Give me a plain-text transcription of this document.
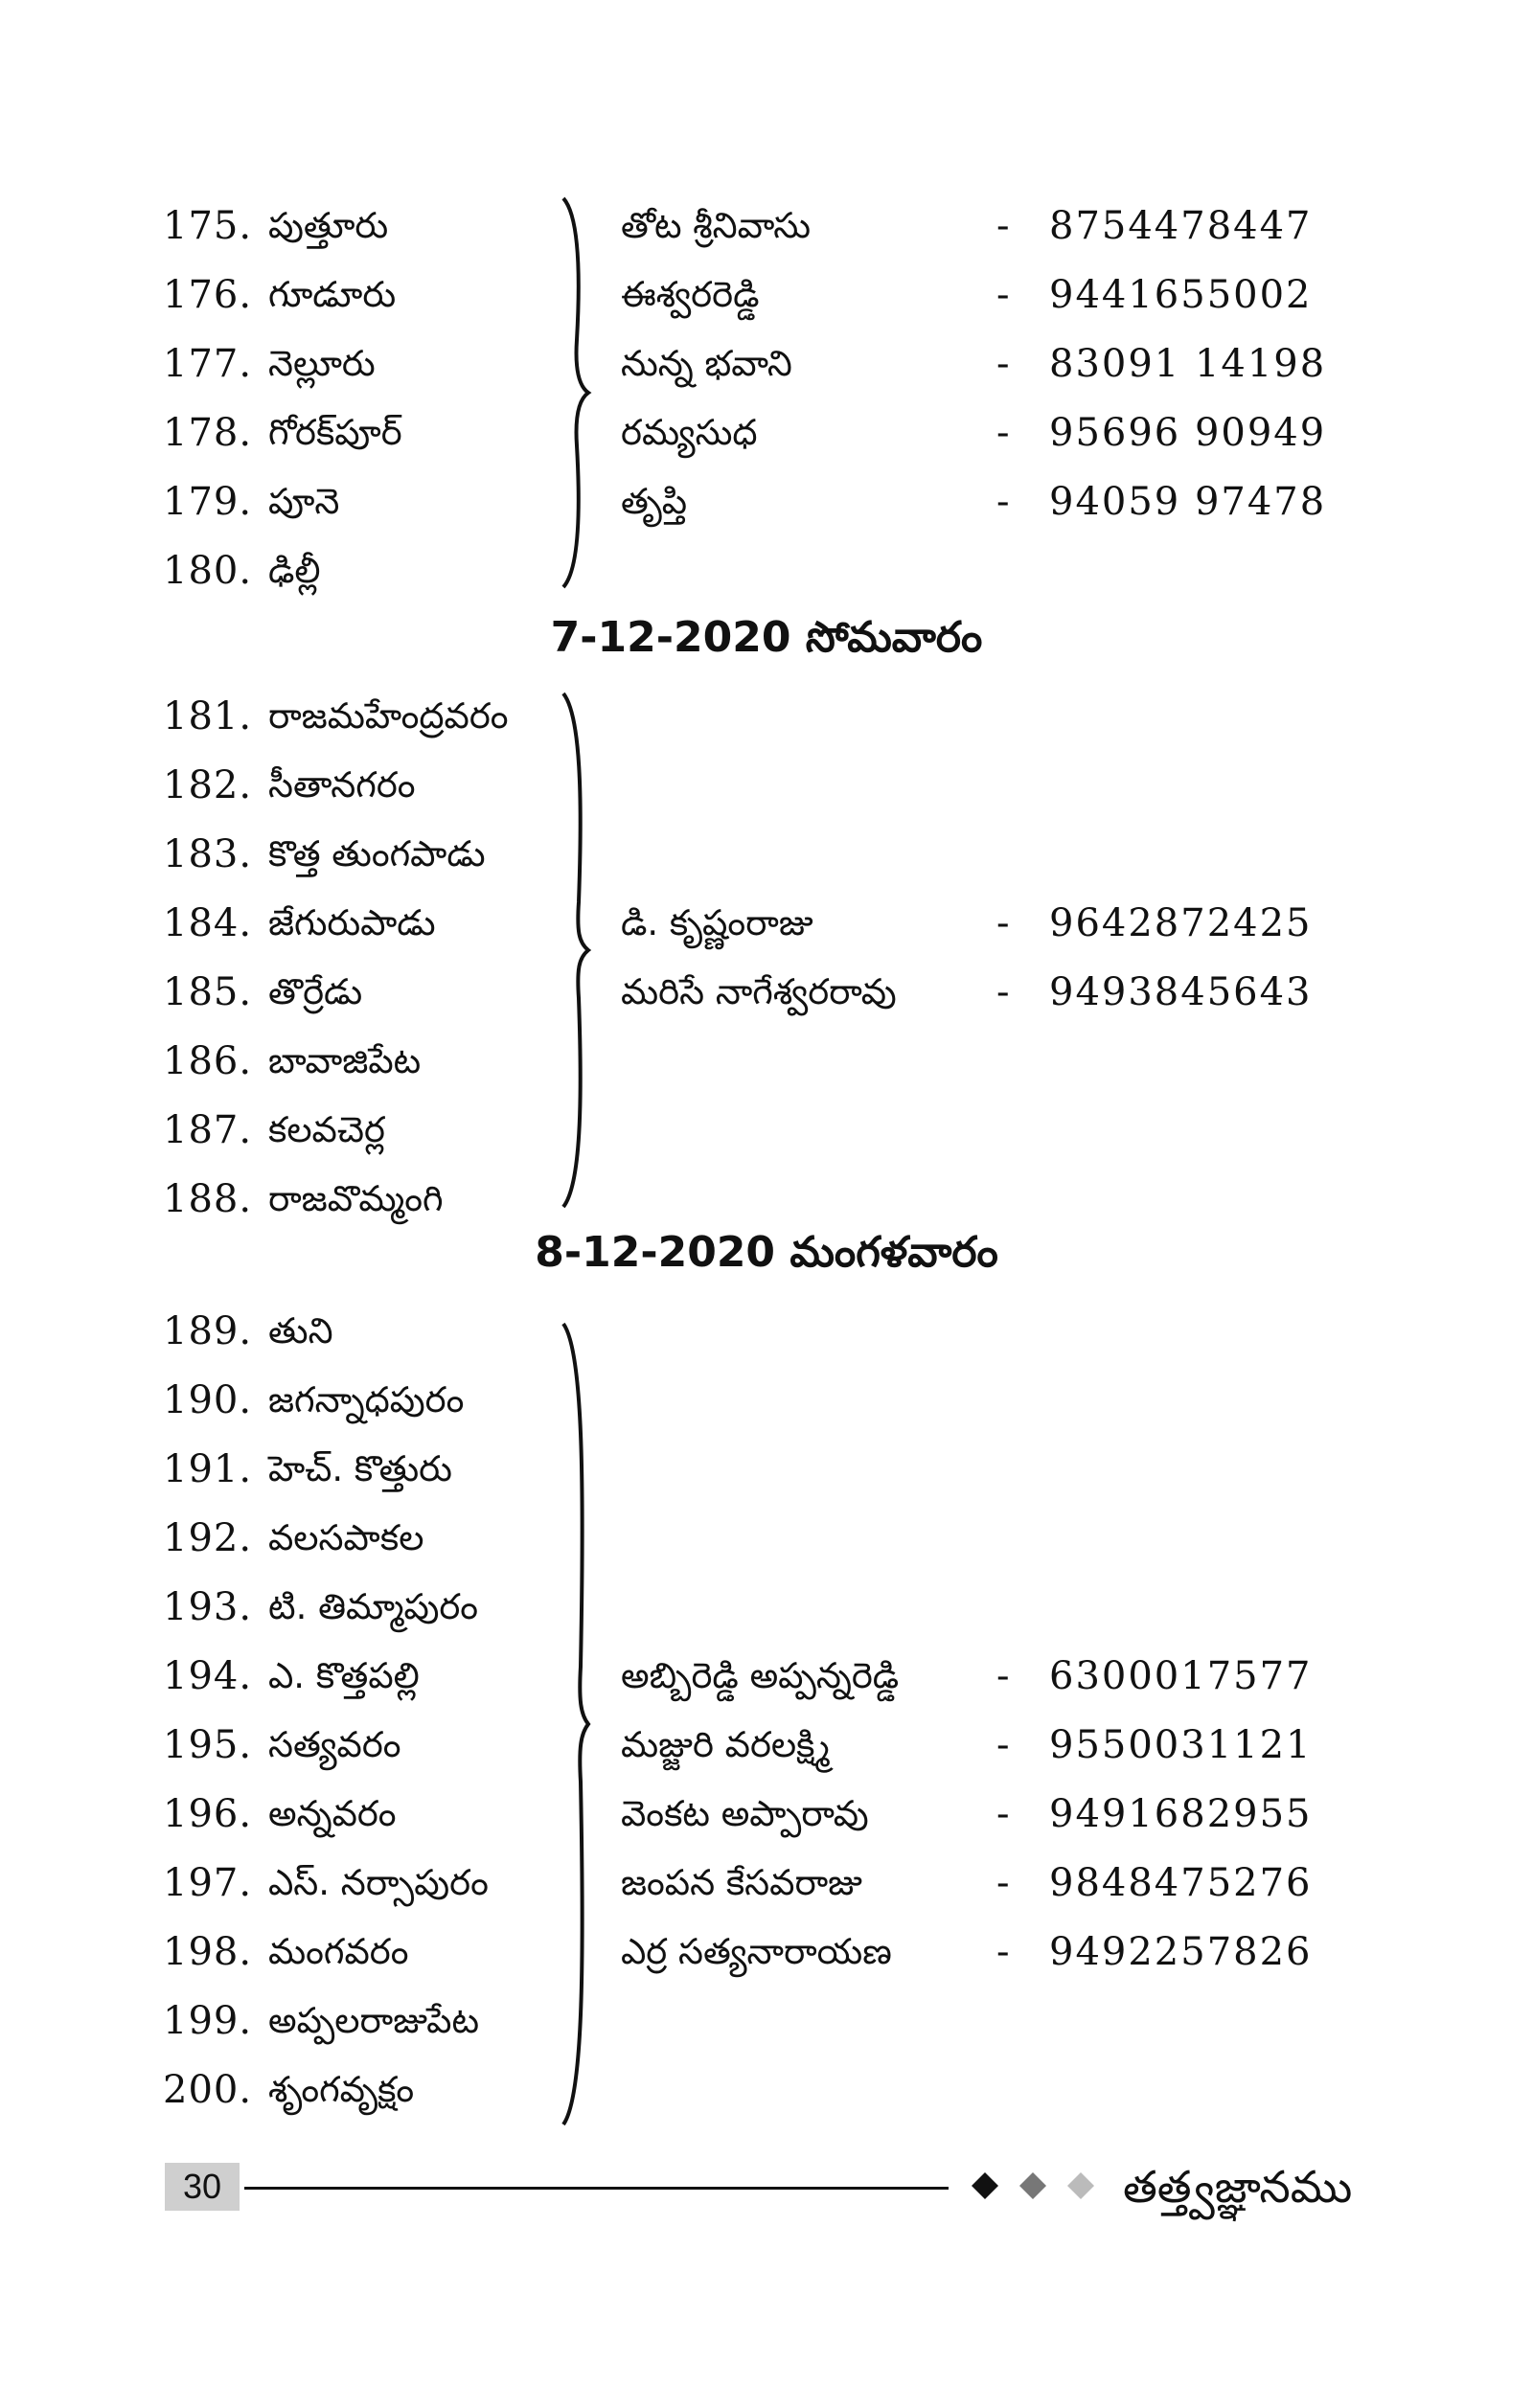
175. పుత్తూరు	తోట శ్రీనివాసు	- 8754478447
176. గూడూరు	ఈశ్వరరెడ్డి	- 9441655002
177. నెల్లూరు	నున్న భవాని	- 83091 14198
178. గోరక్‌పూర్	రమ్యసుధ	- 95696 90949
179. పూనె	తృప్తి	- 94059 97478
180. ఢిల్లీ
7-12-2020 సోమవారం
181. రాజమహేంద్రవరం
182. సీతానగరం
183. కొత్త తుంగపాడు
184. జేగురుపాడు	డి. కృష్ణంరాజు	- 9642872425
185. తొర్రేడు	మరిసే నాగేశ్వరరావు	- 9493845643
186. బావాజిపేట
187. కలవచెర్ల
188. రాజవొమ్మంగి
8-12-2020 మంగళవారం
189. తుని
190. జగన్నాధపురం
191. హెచ్. కొత్తురు
192. వలసపాకల
193. టి. తిమ్మాపురం
194. ఎ. కొత్తపల్లి	అబ్బిరెడ్డి అప్పన్నరెడ్డి	- 6300017577
195. సత్యవరం	మజ్జురి వరలక్ష్మి	- 9550031121
196. అన్నవరం	వెంకట అప్పారావు	- 9491682955
197. ఎస్. నర్సాపురం	జంపన కేసవరాజు	- 9848475276
198. మంగవరం	ఎర్ర సత్యనారాయణ	- 9492257826
199. అప్పలరాజుపేట
200. శృంగవృక్షం
30	తత్త్వజ్ఞానము
